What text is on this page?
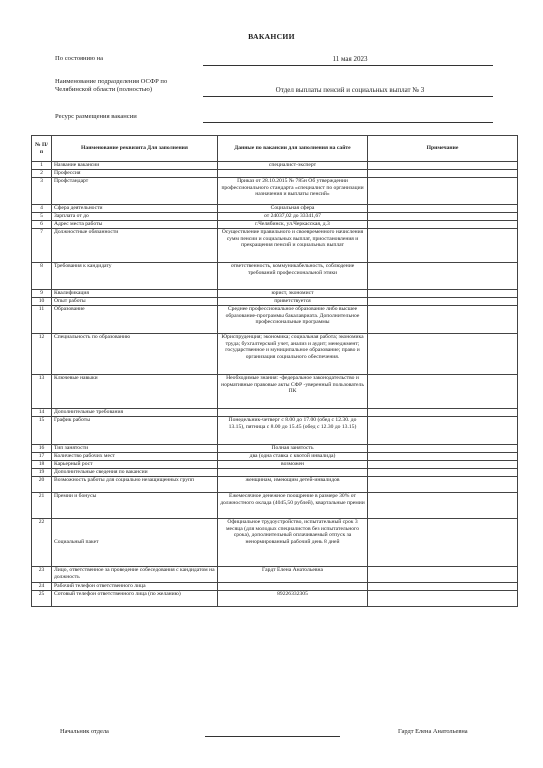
ВАКАНСИИ
По состоянию на	11 мая 2023
Наименование подразделения ОСФР по Челябинской области (полностью)	Отдел выплаты пенсий и социальных выплат № 3
Ресурс размещения вакансии
№ П/п	Наименование реквизита Для заполнения	Данные по вакансии для заполнения на сайте	Примечание
1	Название вакансии	специалист-эксперт	
2	Профессия		
3	Профстандарт	Приказ от 28.10.2015 № 785н Об утверждении профессионального стандарта «специалист по организации назначения и выплаты пенсий»	
4	Сфера деятельности	Социальная сфера	
5	Зарплата от до	от 24037,02 до 33341,67	
6	Адрес места работы	г.Челябинск, ул.Черкасская, д.3	
7	Должностные обязанности	Осуществление правильного и своевременного начисления сумм пенсии и социальных выплат, приостановления и прекращения пенсий и социальных выплат	
8	Требования к кандидату	ответственность, коммуникабельность, соблюдение требований профессиональной этики	
9	Квалификация	юрист, экономист	
10	Опыт работы	приветствуется	
11	Образование	Среднее профессиональное образование либо высшее образование-программы бакалавриата. Дополнительное профессиональные программы	
12	Специальность по образованию	Юриспруденция; экономика; социальная работа; экономика труда; бухгалтерский учет, анализ и аудит; менеджмент; государственное и муниципальное образование; право и организация социального обеспечения.	
13	Ключевые навыки	Необходимые знания: -федеральное законодательство и нормативные правовые акты СФР -уверенный пользователь ПК	
14	Дополнительные требования		
15	График работы	Понедельник-четверг с 8.00 до 17.00 (обед с 12.30. до 13.15), пятница с 8.00 до 15.45 (обед с 12.30 до 13.15)	
16	Тип занятости	Полная занятость	
17	Количество рабочих мест	два (одна ставка с квотой инвалида)	
18	Карьерный рост	возможен	
19	Дополнительные сведения по вакансии		
20	Возможность работы для социально незащищенных групп	женщинам, имеющим детей-инвалидов	
21	Премии и бонусы	Ежемесячное денежное поощрение в размере 30% от должностного оклада (4045,50 рублей), квартальные премии	
22	Социальный пакет	Официальное трудоустройство, испытательный срок 3 месяца (для молодых специалистов без испытательного срока), дополнительный оплачиваемый отпуск за ненормированный рабочий день 8 дней	
23	Лицо, ответственное за проведение собеседования с кандидатом на должность	Гардт Елена Анатольевна	
24	Рабочий телефон ответственного лица		
25	Сотовый телефон ответственного лица (по желанию)	89226332305	
Начальник отдела	Гардт Елена Анатольевна
